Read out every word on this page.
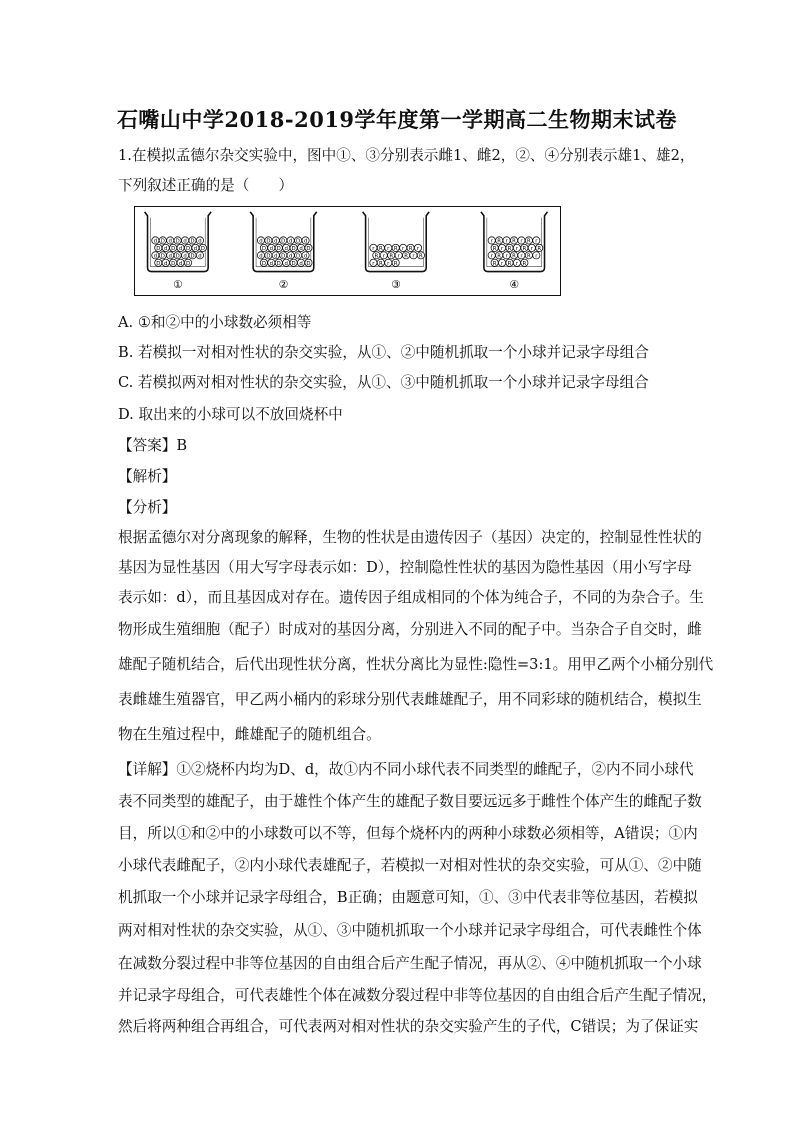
石嘴山中学2018-2019学年度第一学期高二生物期末试卷
1.在模拟孟德尔杂交实验中，图中①、③分别表示雌1、雌2，②、④分别表示雄1、雄2，
下列叙述正确的是（　　）
d D d D d D d
D d D d D d D
d D d D d D d
D d D d D
①
d D d D d D d
D d D d D d D
d D d D d D d
D d D d D d D
②
r R r R r R r
R r R r R r R
r R r R
③
r R r R r R r
R r R r R r R
r R r R r R r
R r R r R
④
A. ①和②中的小球数必须相等
B. 若模拟一对相对性状的杂交实验，从①、②中随机抓取一个小球并记录字母组合
C. 若模拟两对相对性状的杂交实验，从①、③中随机抓取一个小球并记录字母组合
D. 取出来的小球可以不放回烧杯中
【答案】B
【解析】
【分析】
根据孟德尔对分离现象的解释，生物的性状是由遗传因子（基因）决定的，控制显性性状的
基因为显性基因（用大写字母表示如：D），控制隐性性状的基因为隐性基因（用小写字母
表示如：d），而且基因成对存在。遗传因子组成相同的个体为纯合子，不同的为杂合子。生
物形成生殖细胞（配子）时成对的基因分离，分别进入不同的配子中。当杂合子自交时，雌
雄配子随机结合，后代出现性状分离，性状分离比为显性:隐性=3:1。用甲乙两个小桶分别代
表雌雄生殖器官，甲乙两小桶内的彩球分别代表雌雄配子，用不同彩球的随机结合，模拟生
物在生殖过程中，雌雄配子的随机组合。
【详解】①②烧杯内均为D、d，故①内不同小球代表不同类型的雌配子，②内不同小球代
表不同类型的雄配子，由于雄性个体产生的雄配子数目要远远多于雌性个体产生的雌配子数
目，所以①和②中的小球数可以不等，但每个烧杯内的两种小球数必须相等，A错误；①内
小球代表雌配子，②内小球代表雄配子，若模拟一对相对性状的杂交实验，可从①、②中随
机抓取一个小球并记录字母组合，B正确；由题意可知，①、③中代表非等位基因，若模拟
两对相对性状的杂交实验，从①、③中随机抓取一个小球并记录字母组合，可代表雌性个体
在减数分裂过程中非等位基因的自由组合后产生配子情况，再从②、④中随机抓取一个小球
并记录字母组合，可代表雄性个体在减数分裂过程中非等位基因的自由组合后产生配子情况，
然后将两种组合再组合，可代表两对相对性状的杂交实验产生的子代，C错误；为了保证实
